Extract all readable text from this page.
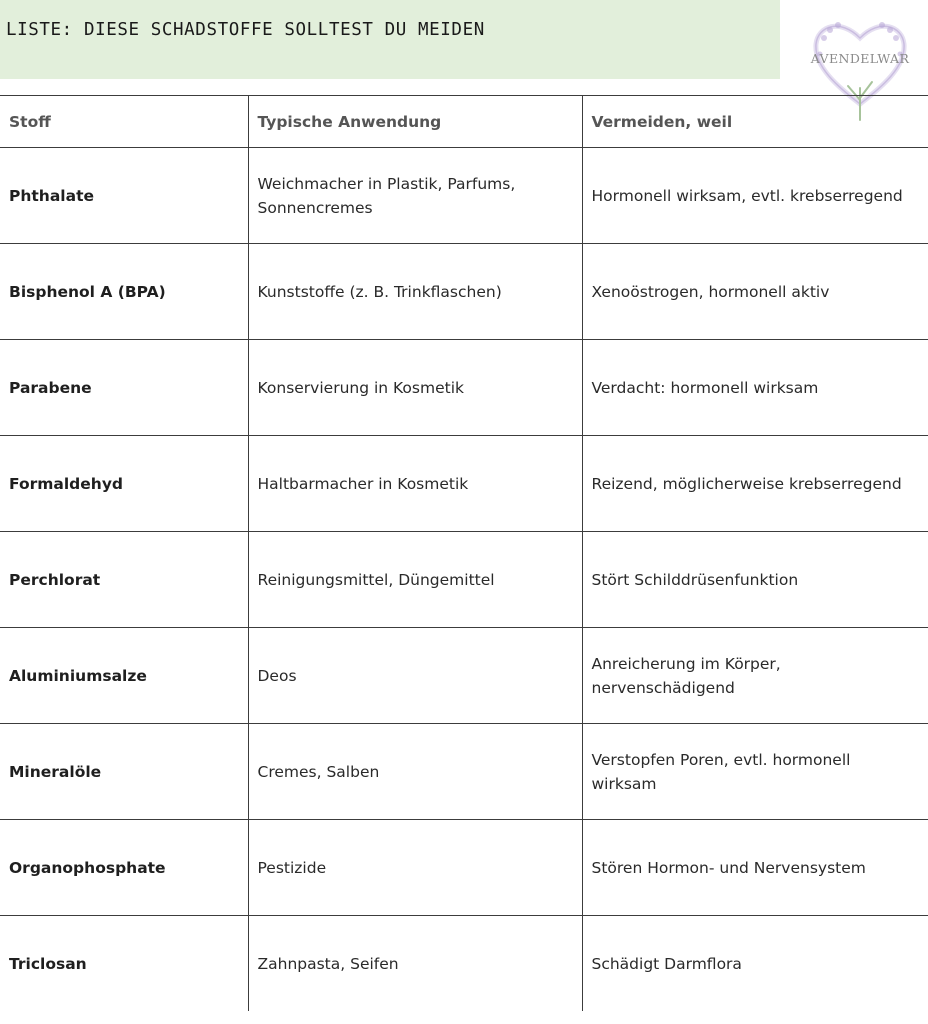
LISTE: DIESE SCHADSTOFFE SOLLTEST DU MEIDEN
AVENDELWAR
Stoff	Typische Anwendung	Vermeiden, weil
Phthalate	Weichmacher in Plastik, Parfums, Sonnencremes	Hormonell wirksam, evtl. krebserregend
Bisphenol A (BPA)	Kunststoffe (z. B. Trinkflaschen)	Xenoöstrogen, hormonell aktiv
Parabene	Konservierung in Kosmetik	Verdacht: hormonell wirksam
Formaldehyd	Haltbarmacher in Kosmetik	Reizend, möglicherweise krebserregend
Perchlorat	Reinigungsmittel, Düngemittel	Stört Schilddrüsenfunktion
Aluminiumsalze	Deos	Anreicherung im Körper, nervenschädigend
Mineralöle	Cremes, Salben	Verstopfen Poren, evtl. hormonell wirksam
Organophosphate	Pestizide	Stören Hormon- und Nervensystem
Triclosan	Zahnpasta, Seifen	Schädigt Darmflora
